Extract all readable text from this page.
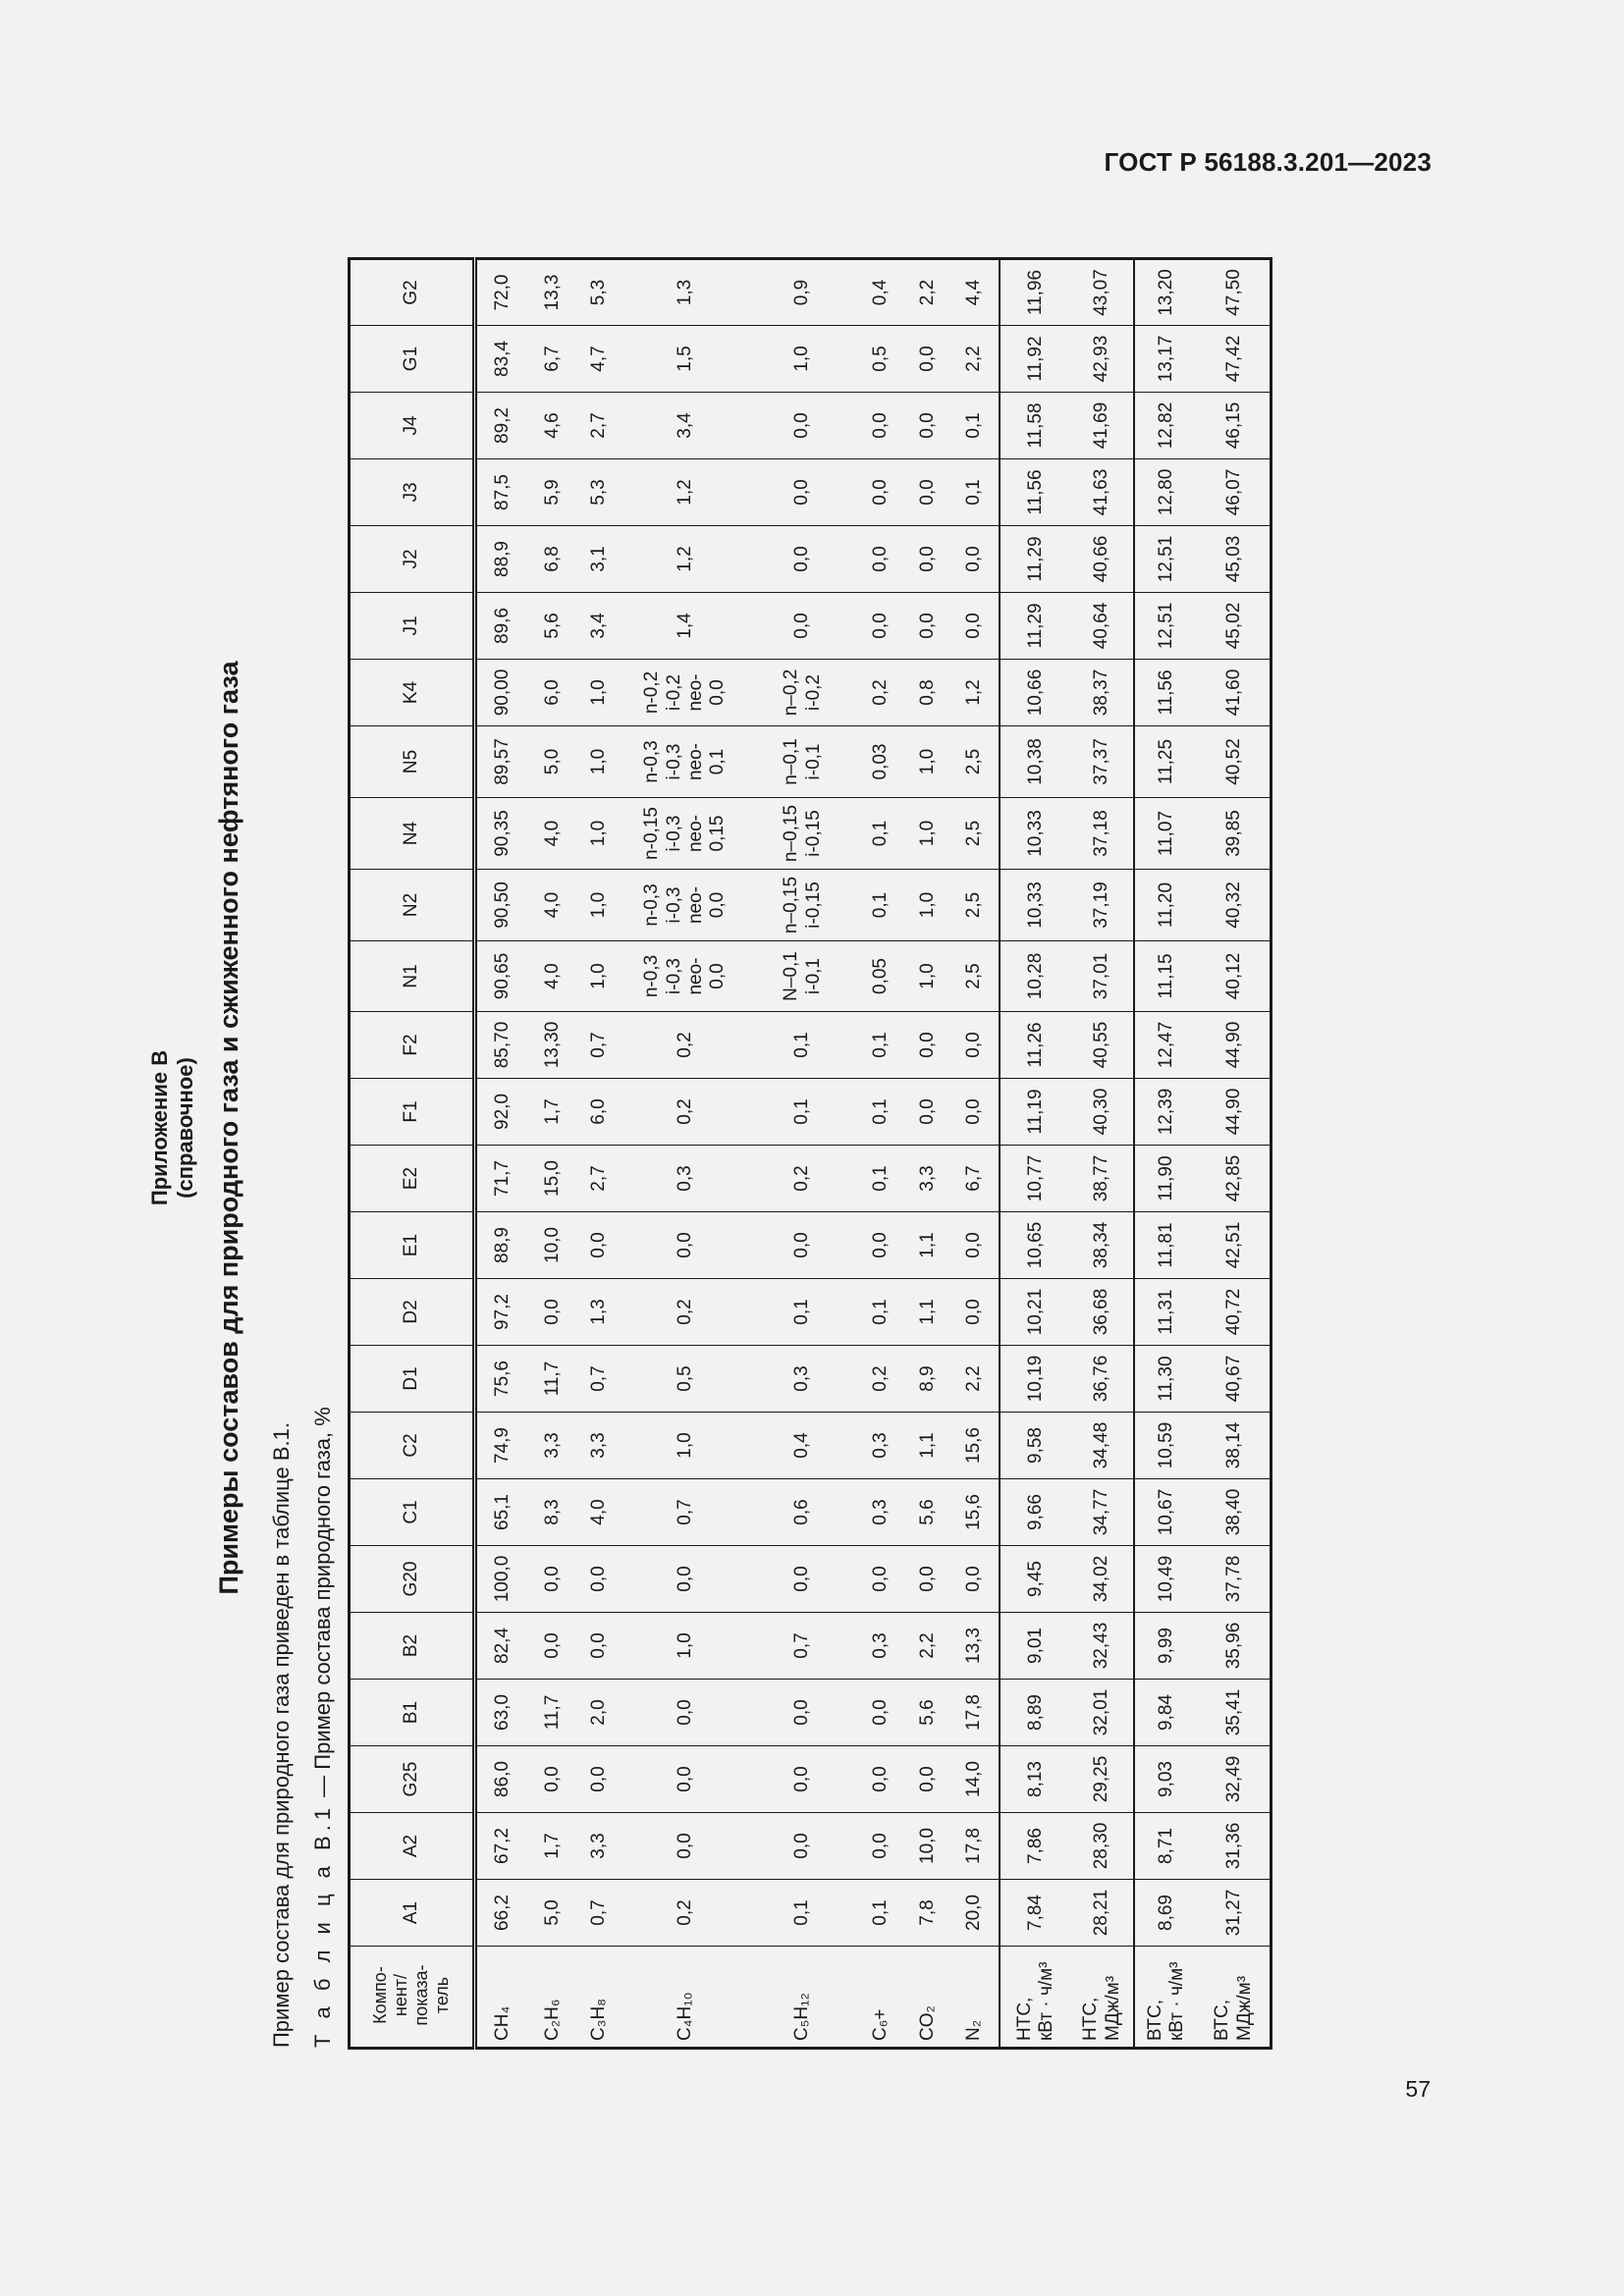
ГОСТ Р 56188.3.201—2023
Приложение В (справочное) Примеры составов для природного газа и сжиженного нефтяного газа
Пример состава для природного газа приведен в таблице В.1. Т а б л и ц а В.1 — Пример состава природного газа, %
Компо-
нент/
показа-
тель	A1	A2	G25	B1	B2	G20	C1	C2	D1	D2	E1	E2	F1	F2	N1	N2	N4	N5	K4	J1	J2	J3	J4	G1	G2
CH₄	66,2	67,2	86,0	63,0	82,4	100,0	65,1	74,9	75,6	97,2	88,9	71,7	92,0	85,70	90,65	90,50	90,35	89,57	90,00	89,6	88,9	87,5	89,2	83,4	72,0
C₂H₆	5,0	1,7	0,0	11,7	0,0	0,0	8,3	3,3	11,7	0,0	10,0	15,0	1,7	13,30	4,0	4,0	4,0	5,0	6,0	5,6	6,8	5,9	4,6	6,7	13,3
C₃H₈	0,7	3,3	0,0	2,0	0,0	0,0	4,0	3,3	0,7	1,3	0,0	2,7	6,0	0,7	1,0	1,0	1,0	1,0	1,0	3,4	3,1	5,3	2,7	4,7	5,3
C₄H₁₀	0,2	0,0	0,0	0,0	1,0	0,0	0,7	1,0	0,5	0,2	0,0	0,3	0,2	0,2	n-0,3
i-0,3
neo-
0,0	n-0,3
i-0,3
neo-
0,0	n-0,15
i-0,3
neo-
0,15	n-0,3
i-0,3
neo-
0,1	n-0,2
i-0,2
neo-
0,0	1,4	1,2	1,2	3,4	1,5	1,3
C₅H₁₂	0,1	0,0	0,0	0,0	0,7	0,0	0,6	0,4	0,3	0,1	0,0	0,2	0,1	0,1	N–0,1
i-0,1	n–0,15
i-0,15	n–0,15
i-0,15	n–0,1
i-0,1	n–0,2
i-0,2	0,0	0,0	0,0	0,0	1,0	0,9
C₆+	0,1	0,0	0,0	0,0	0,3	0,0	0,3	0,3	0,2	0,1	0,0	0,1	0,1	0,1	0,05	0,1	0,1	0,03	0,2	0,0	0,0	0,0	0,0	0,5	0,4
CO₂	7,8	10,0	0,0	5,6	2,2	0,0	5,6	1,1	8,9	1,1	1,1	3,3	0,0	0,0	1,0	1,0	1,0	1,0	0,8	0,0	0,0	0,0	0,0	0,0	2,2
N₂	20,0	17,8	14,0	17,8	13,3	0,0	15,6	15,6	2,2	0,0	0,0	6,7	0,0	0,0	2,5	2,5	2,5	2,5	1,2	0,0	0,0	0,1	0,1	2,2	4,4
НТС,
кВт · ч/м³	7,84	7,86	8,13	8,89	9,01	9,45	9,66	9,58	10,19	10,21	10,65	10,77	11,19	11,26	10,28	10,33	10,33	10,38	10,66	11,29	11,29	11,56	11,58	11,92	11,96
НТС,
МДж/м³	28,21	28,30	29,25	32,01	32,43	34,02	34,77	34,48	36,76	36,68	38,34	38,77	40,30	40,55	37,01	37,19	37,18	37,37	38,37	40,64	40,66	41,63	41,69	42,93	43,07
ВТС,
кВт · ч/м³	8,69	8,71	9,03	9,84	9,99	10,49	10,67	10,59	11,30	11,31	11,81	11,90	12,39	12,47	11,15	11,20	11,07	11,25	11,56	12,51	12,51	12,80	12,82	13,17	13,20
ВТС,
МДж/м³	31,27	31,36	32,49	35,41	35,96	37,78	38,40	38,14	40,67	40,72	42,51	42,85	44,90	44,90	40,12	40,32	39,85	40,52	41,60	45,02	45,03	46,07	46,15	47,42	47,50
57
